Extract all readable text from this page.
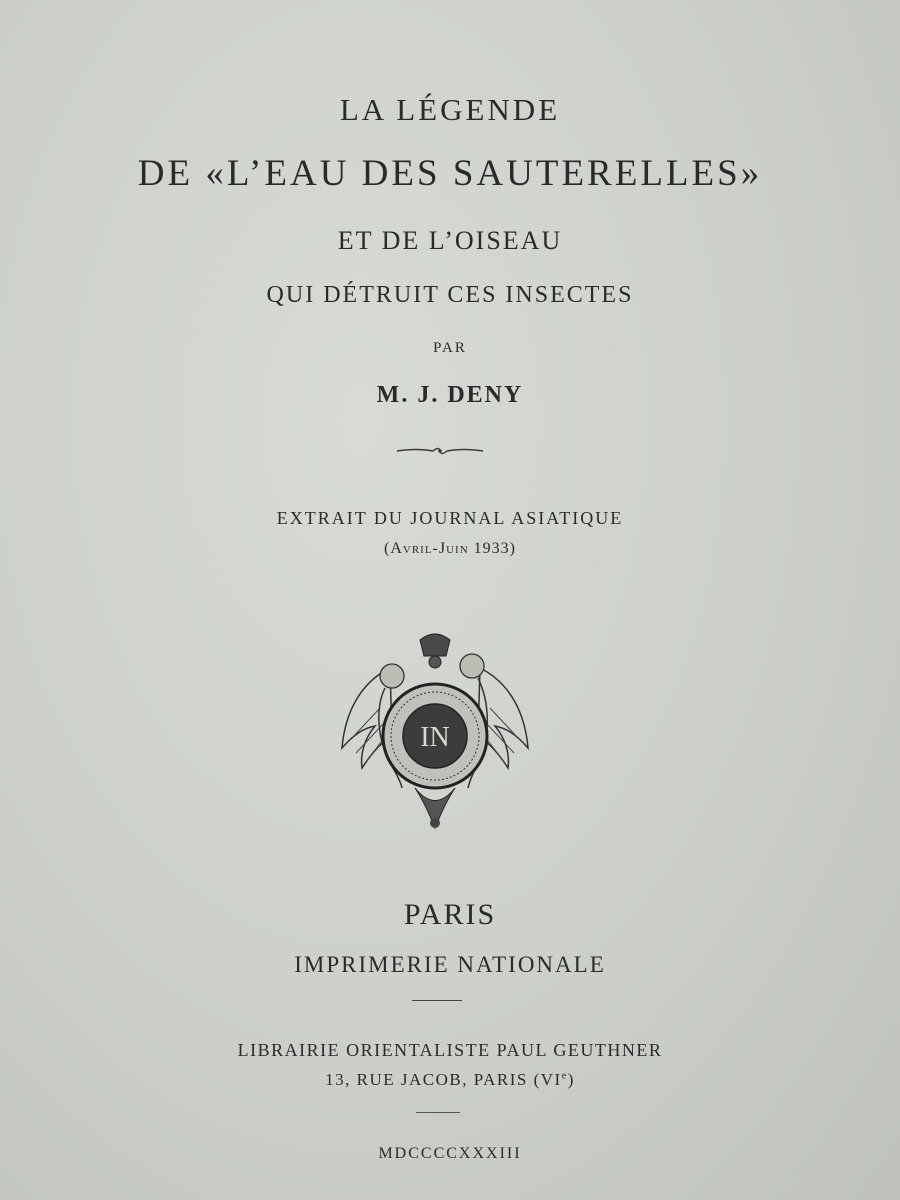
LA LÉGENDE
DE «L’EAU DES SAUTERELLES»
ET DE L’OISEAU
QUI DÉTRUIT CES INSECTES
PAR
M. J. DENY
EXTRAIT DU JOURNAL ASIATIQUE
(Avril-Juin 1933)
IN
PARIS
IMPRIMERIE NATIONALE
LIBRAIRIE ORIENTALISTE PAUL GEUTHNER
13, RUE JACOB, PARIS (VIe)
MDCCCCXXXIII
